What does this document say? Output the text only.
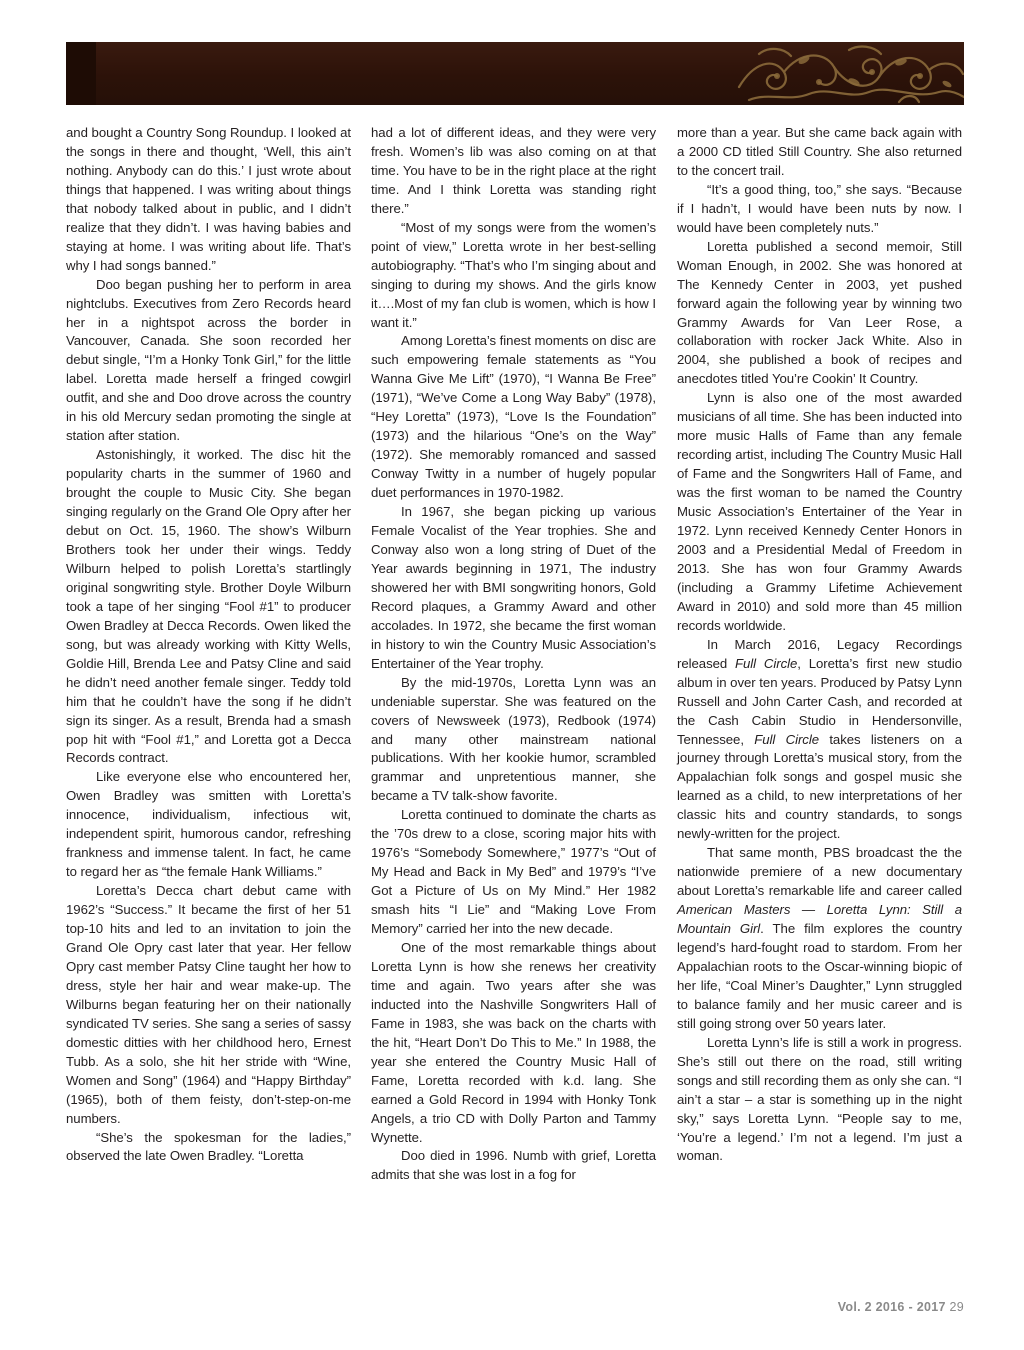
and bought a Country Song Roundup. I looked at the songs in there and thought, ‘Well, this ain’t nothing. Anybody can do this.’ I just wrote about things that happened. I was writing about things that nobody talked about in public, and I didn’t realize that they didn’t. I was having babies and staying at home. I was writing about life. That’s why I had songs banned.”

Doo began pushing her to perform in area nightclubs. Executives from Zero Records heard her in a nightspot across the border in Vancouver, Canada. She soon recorded her debut single, “I’m a Honky Tonk Girl,” for the little label. Loretta made herself a fringed cowgirl outfit, and she and Doo drove across the country in his old Mercury sedan promoting the single at station after station.

Astonishingly, it worked. The disc hit the popularity charts in the summer of 1960 and brought the couple to Music City. She began singing regularly on the Grand Ole Opry after her debut on Oct. 15, 1960. The show’s Wilburn Brothers took her under their wings. Teddy Wilburn helped to polish Loretta’s startlingly original songwriting style. Brother Doyle Wilburn took a tape of her singing “Fool #1” to producer Owen Bradley at Decca Records. Owen liked the song, but was already working with Kitty Wells, Goldie Hill, Brenda Lee and Patsy Cline and said he didn’t need another female singer. Teddy told him that he couldn’t have the song if he didn’t sign its singer. As a result, Brenda had a smash pop hit with “Fool #1,” and Loretta got a Decca Records contract.

Like everyone else who encountered her, Owen Bradley was smitten with Loretta’s innocence, individualism, infectious wit, independent spirit, humorous candor, refreshing frankness and immense talent. In fact, he came to regard her as “the female Hank Williams.”

Loretta’s Decca chart debut came with 1962’s “Success.” It became the first of her 51 top-10 hits and led to an invitation to join the Grand Ole Opry cast later that year. Her fellow Opry cast member Patsy Cline taught her how to dress, style her hair and wear make-up. The Wilburns began featuring her on their nationally syndicated TV series. She sang a series of sassy domestic ditties with her childhood hero, Ernest Tubb. As a solo, she hit her stride with “Wine, Women and Song” (1964) and “Happy Birthday” (1965), both of them feisty, don’t-step-on-me numbers.

“She’s the spokesman for the ladies,” observed the late Owen Bradley. “Loretta

had a lot of different ideas, and they were very fresh. Women’s lib was also coming on at that time. You have to be in the right place at the right time. And I think Loretta was standing right there.”

“Most of my songs were from the women’s point of view,” Loretta wrote in her best-selling autobiography. “That’s who I’m singing about and singing to during my shows. And the girls know it….Most of my fan club is women, which is how I want it.”

Among Loretta’s finest moments on disc are such empowering female statements as “You Wanna Give Me Lift” (1970), “I Wanna Be Free” (1971), “We’ve Come a Long Way Baby” (1978), “Hey Loretta” (1973), “Love Is the Foundation” (1973) and the hilarious “One’s on the Way” (1972). She memorably romanced and sassed Conway Twitty in a number of hugely popular duet performances in 1970-1982.

In 1967, she began picking up various Female Vocalist of the Year trophies. She and Conway also won a long string of Duet of the Year awards beginning in 1971, The industry showered her with BMI songwriting honors, Gold Record plaques, a Grammy Award and other accolades. In 1972, she became the first woman in history to win the Country Music Association’s Entertainer of the Year trophy.

By the mid-1970s, Loretta Lynn was an undeniable superstar. She was featured on the covers of Newsweek (1973), Redbook (1974) and many other mainstream national publications. With her kookie humor, scrambled grammar and unpretentious manner, she became a TV talk-show favorite.

Loretta continued to dominate the charts as the ’70s drew to a close, scoring major hits with 1976’s “Somebody Somewhere,” 1977’s “Out of My Head and Back in My Bed” and 1979’s “I’ve Got a Picture of Us on My Mind.” Her 1982 smash hits “I Lie” and “Making Love From Memory” carried her into the new decade.

One of the most remarkable things about Loretta Lynn is how she renews her creativity time and again. Two years after she was inducted into the Nashville Songwriters Hall of Fame in 1983, she was back on the charts with the hit, “Heart Don’t Do This to Me.” In 1988, the year she entered the Country Music Hall of Fame, Loretta recorded with k.d. lang. She earned a Gold Record in 1994 with Honky Tonk Angels, a trio CD with Dolly Parton and Tammy Wynette.

Doo died in 1996. Numb with grief, Loretta admits that she was lost in a fog for

more than a year. But she came back again with a 2000 CD titled Still Country. She also returned to the concert trail.

“It’s a good thing, too,” she says. “Because if I hadn’t, I would have been nuts by now. I would have been completely nuts.”

Loretta published a second memoir, Still Woman Enough, in 2002. She was honored at The Kennedy Center in 2003, yet pushed forward again the following year by winning two Grammy Awards for Van Leer Rose, a collaboration with rocker Jack White. Also in 2004, she published a book of recipes and anecdotes titled You’re Cookin’ It Country.

Lynn is also one of the most awarded musicians of all time. She has been inducted into more music Halls of Fame than any female recording artist, including The Country Music Hall of Fame and the Songwriters Hall of Fame, and was the first woman to be named the Country Music Association’s Entertainer of the Year in 1972. Lynn received Kennedy Center Honors in 2003 and a Presidential Medal of Freedom in 2013. She has won four Grammy Awards (including a Grammy Lifetime Achievement Award in 2010) and sold more than 45 million records worldwide.

In March 2016, Legacy Recordings released Full Circle, Loretta’s first new studio album in over ten years. Produced by Patsy Lynn Russell and John Carter Cash, and recorded at the Cash Cabin Studio in Hendersonville, Tennessee, Full Circle takes listeners on a journey through Loretta’s musical story, from the Appalachian folk songs and gospel music she learned as a child, to new interpretations of her classic hits and country standards, to songs newly-written for the project.

That same month, PBS broadcast the the nationwide premiere of a new documentary about Loretta’s remarkable life and career called American Masters — Loretta Lynn: Still a Mountain Girl. The film explores the country legend’s hard-fought road to stardom. From her Appalachian roots to the Oscar-winning biopic of her life, “Coal Miner’s Daughter,” Lynn struggled to balance family and her music career and is still going strong over 50 years later.

Loretta Lynn’s life is still a work in progress. She’s still out there on the road, still writing songs and still recording them as only she can. “I ain’t a star – a star is something up in the night sky,” says Loretta Lynn. “People say to me, ‘You’re a legend.’ I’m not a legend. I’m just a woman.

Vol. 2 2016 - 2017 29
